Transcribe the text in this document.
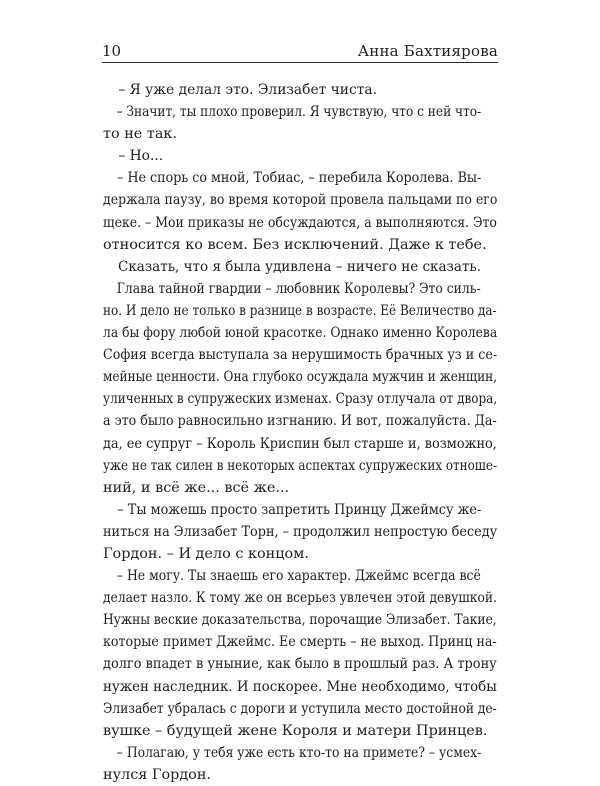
10	Анна Бахтиярова

– Я уже делал это. Элизабет чиста.

– Значит, ты плохо проверил. Я чувствую, что с ней что-
то не так.

– Но...

– Не спорь со мной, Тобиас, – перебила Королева. Вы-
держала паузу, во время которой провела пальцами по его
щеке. – Мои приказы не обсуждаются, а выполняются. Это
относится ко всем. Без исключений. Даже к тебе.

Сказать, что я была удивлена – ничего не сказать.

Глава тайной гвардии – любовник Королевы? Это силь-
но. И дело не только в разнице в возрасте. Её Величество да-
ла бы фору любой юной красотке. Однако именно Королева
София всегда выступала за нерушимость брачных уз и се-
мейные ценности. Она глубоко осуждала мужчин и женщин,
уличенных в супружеских изменах. Сразу отлучала от двора,
а это было равносильно изгнанию. И вот, пожалуйста. Да-
да, ее супруг – Король Криспин был старше и, возможно,
уже не так силен в некоторых аспектах супружеских отноше-
ний, и всё же... всё же...

– Ты можешь просто запретить Принцу Джеймсу же-
ниться на Элизабет Торн, – продолжил непростую беседу
Гордон. – И дело с концом.

– Не могу. Ты знаешь его характер. Джеймс всегда всё
делает назло. К тому же он всерьез увлечен этой девушкой.
Нужны веские доказательства, порочащие Элизабет. Такие,
которые примет Джеймс. Ее смерть – не выход. Принц на-
долго впадет в уныние, как было в прошлый раз. А трону
нужен наследник. И поскорее. Мне необходимо, чтобы
Элизабет убралась с дороги и уступила место достойной де-
вушке – будущей жене Короля и матери Принцев.

– Полагаю, у тебя уже есть кто-то на примете? – усмех-
нулся Гордон.
